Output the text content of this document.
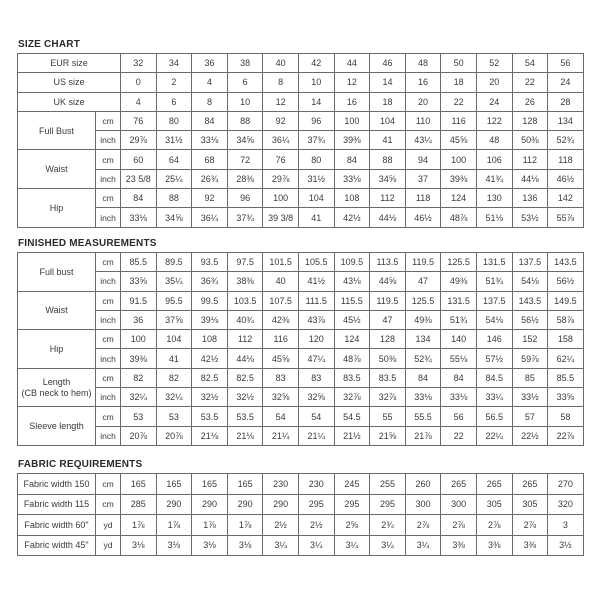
SIZE CHART
EUR size		32	34	36	38	40	42	44	46	48	50	52	54	56
US size		0	2	4	6	8	10	12	14	16	18	20	22	24
UK size		4	6	8	10	12	14	16	18	20	22	24	26	28
Full Bust	cm	76	80	84	88	92	96	100	104	110	116	122	128	134
	inch	29⅞	31½	33⅛	34⅝	36¼	37¾	39⅜	41	43¼	45⅝	48	50⅜	52¾
Waist	cm	60	64	68	72	76	80	84	88	94	100	106	112	118
	inch	23 5/8	25¼	26¾	28⅜	29⅞	31½	33⅛	34⅝	37	39⅜	41¾	44⅛	46½
Hip	cm	84	88	92	96	100	104	108	112	118	124	130	136	142
	inch	33⅛	34⅝	36¼	37¾	39 3/8	41	42½	44⅛	46½	48⅞	51⅛	53½	55⅞
FINISHED MEASUREMENTS
Full bust	cm	85.5	89.5	93.5	97.5	101.5	105.5	109.5	113.5	119.5	125.5	131.5	137.5	143.5
	inch	33⅝	35¼	36¾	38⅜	40	41½	43⅛	44⅝	47	49⅜	51¾	54⅛	56½
Waist	cm	91.5	95.5	99.5	103.5	107.5	111.5	115.5	119.5	125.5	131.5	137.5	143.5	149.5
	inch	36	37⅝	39⅛	40¾	42⅜	43⅞	45½	47	49⅜	51¾	54⅛	56½	58⅞
Hip	cm	100	104	108	112	116	120	124	128	134	140	146	152	158
	inch	39⅜	41	42½	44⅛	45⅝	47¼	48⅞	50⅜	52¾	55⅛	57½	59⅞	62¼
Length
(CB neck to hem)	cm	82	82	82.5	82.5	83	83	83.5	83.5	84	84	84.5	85	85.5
	inch	32¼	32¼	32½	32½	32⅝	32⅝	32⅞	32⅞	33⅛	33⅛	33¼	33½	33⅝
Sleeve length	cm	53	53	53.5	53.5	54	54	54.5	55	55.5	56	56.5	57	58
	inch	20⅞	20⅞	21⅛	21⅛	21¼	21¼	21½	21⅝	21⅞	22	22¼	22½	22⅞
FABRIC REQUIREMENTS
Fabric width 150	cm	165	165	165	165	230	230	245	255	260	265	265	265	270
Fabric width 115	cm	285	290	290	290	290	295	295	295	300	300	305	305	320
Fabric width 60"	yd	1⅞	1⅞	1⅞	1⅞	2½	2½	2⅝	2¾	2⅞	2⅞	2⅞	2⅞	3
Fabric width 45"	yd	3⅛	3⅛	3⅛	3⅛	3¼	3¼	3¼	3¼	3¼	3⅜	3⅜	3⅜	3½
